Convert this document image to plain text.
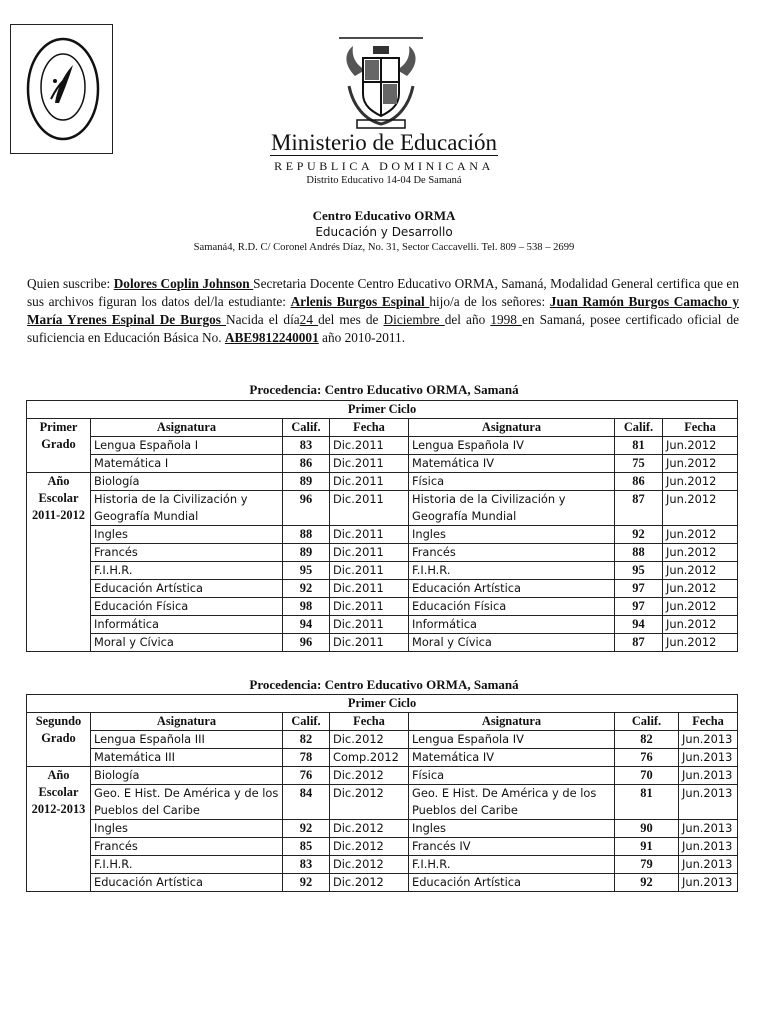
Ministerio de Educación
REPUBLICA DOMINICANA
Distrito Educativo 14-04 De Samaná
Centro Educativo ORMA
Educación y Desarrollo
Samaná4, R.D. C/ Coronel Andrés Díaz, No. 31, Sector Caccavelli. Tel. 809 – 538 – 2699
Quien suscribe: Dolores Coplin Johnson Secretaria Docente Centro Educativo ORMA, Samaná, Modalidad General certifica que en sus archivos figuran los datos del/la estudiante: Arlenis Burgos Espinal hijo/a de los señores: Juan Ramón Burgos Camacho y María Yrenes Espinal De Burgos Nacida el día24 del mes de Diciembre del año 1998 en Samaná, posee certificado oficial de suficiencia en Educación Básica No. ABE9812240001 año 2010-2011.
Procedencia: Centro Educativo ORMA, Samaná
Primer Ciclo						
Primer Grado	Asignatura	Calif.	Fecha	Asignatura	Calif.	Fecha
	Lengua Española I	83	Dic.2011	Lengua Española IV	81	Jun.2012
	Matemática I	86	Dic.2011	Matemática IV	75	Jun.2012
Año Escolar 2011-2012	Biología	89	Dic.2011	Física	86	Jun.2012
	Historia de la Civilización y Geografía Mundial	96	Dic.2011	Historia de la Civilización y Geografía Mundial	87	Jun.2012
	Ingles	88	Dic.2011	Ingles	92	Jun.2012
	Francés	89	Dic.2011	Francés	88	Jun.2012
	F.I.H.R.	95	Dic.2011	F.I.H.R.	95	Jun.2012
	Educación Artística	92	Dic.2011	Educación Artística	97	Jun.2012
	Educación Física	98	Dic.2011	Educación Física	97	Jun.2012
	Informática	94	Dic.2011	Informática	94	Jun.2012
	Moral y Cívica	96	Dic.2011	Moral y Cívica	87	Jun.2012
Procedencia: Centro Educativo ORMA, Samaná
Primer Ciclo						
Segundo Grado	Asignatura	Calif.	Fecha	Asignatura	Calif.	Fecha
	Lengua Española III	82	Dic.2012	Lengua Española IV	82	Jun.2013
	Matemática III	78	Comp.2012	Matemática IV	76	Jun.2013
Año Escolar 2012-2013	Biología	76	Dic.2012	Física	70	Jun.2013
	Geo. E Hist. De América y de los Pueblos del Caribe	84	Dic.2012	Geo. E Hist. De América y de los Pueblos del Caribe	81	Jun.2013
	Ingles	92	Dic.2012	Ingles	90	Jun.2013
	Francés	85	Dic.2012	Francés IV	91	Jun.2013
	F.I.H.R.	83	Dic.2012	F.I.H.R.	79	Jun.2013
	Educación Artística	92	Dic.2012	Educación Artística	92	Jun.2013
